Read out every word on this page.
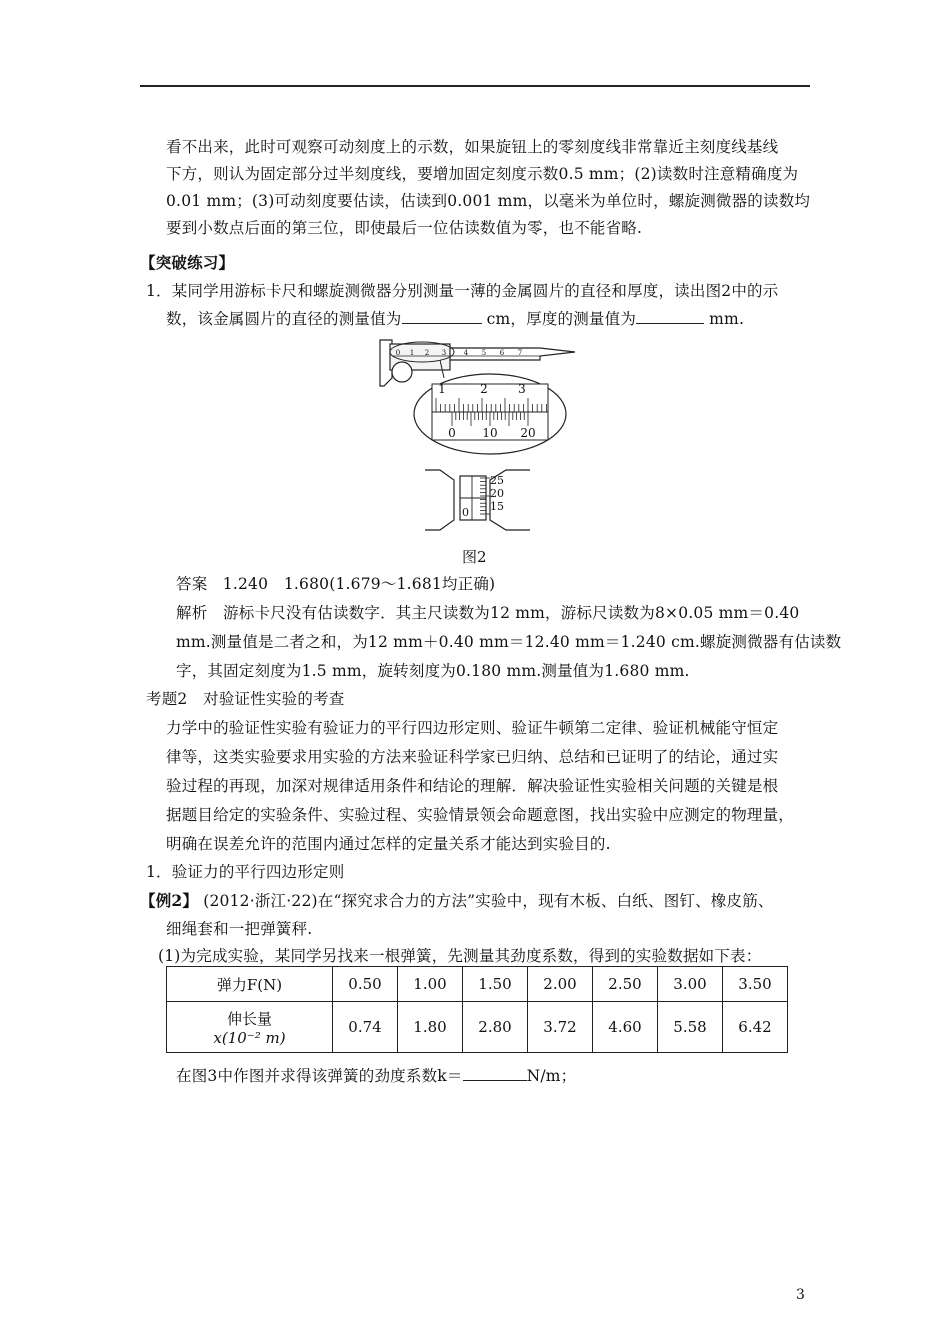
看不出来，此时可观察可动刻度上的示数，如果旋钮上的零刻度线非常靠近主刻度线基线
下方，则认为固定部分过半刻度线，要增加固定刻度示数0.5 mm；(2)读数时注意精确度为
0.01 mm；(3)可动刻度要估读，估读到0.001 mm，以毫米为单位时，螺旋测微器的读数均
要到小数点后面的第三位，即使最后一位估读数值为零，也不能省略.
【突破练习】
1．某同学用游标卡尺和螺旋测微器分别测量一薄的金属圆片的直径和厚度，读出图2中的示
数，该金属圆片的直径的测量值为	cm，厚度的测量值为	mm.
0 1 2 3	4 5 6 7
1	2	3
0 10 20
25
20
15
0
图2
答案 1.240　1.680(1.679～1.681均正确)
解析　游标卡尺没有估读数字．其主尺读数为12 mm，游标尺读数为8×0.05 mm＝0.40
mm.测量值是二者之和，为12 mm＋0.40 mm＝12.40 mm＝1.240 cm.螺旋测微器有估读数
字，其固定刻度为1.5 mm，旋转刻度为0.180 mm.测量值为1.680 mm.
考题2　对验证性实验的考查
力学中的验证性实验有验证力的平行四边形定则、验证牛顿第二定律、验证机械能守恒定
律等，这类实验要求用实验的方法来验证科学家已归纳、总结和已证明了的结论，通过实
验过程的再现，加深对规律适用条件和结论的理解．解决验证性实验相关问题的关键是根
据题目给定的实验条件、实验过程、实验情景领会命题意图，找出实验中应测定的物理量，
明确在误差允许的范围内通过怎样的定量关系才能达到实验目的.
1．验证力的平行四边形定则
【例2】 (2012·浙江·22)在“探究求合力的方法”实验中，现有木板、白纸、图钉、橡皮筋、
细绳套和一把弹簧秤.
(1)为完成实验，某同学另找来一根弹簧，先测量其劲度系数，得到的实验数据如下表：
弹力F(N)	0.50	1.00	1.50	2.00	2.50	3.00	3.50

伸长量
x(10⁻² m)	0.74	1.80	2.80	3.72	4.60	5.58	6.42
在图3中作图并求得该弹簧的劲度系数k＝	N/m；
3
